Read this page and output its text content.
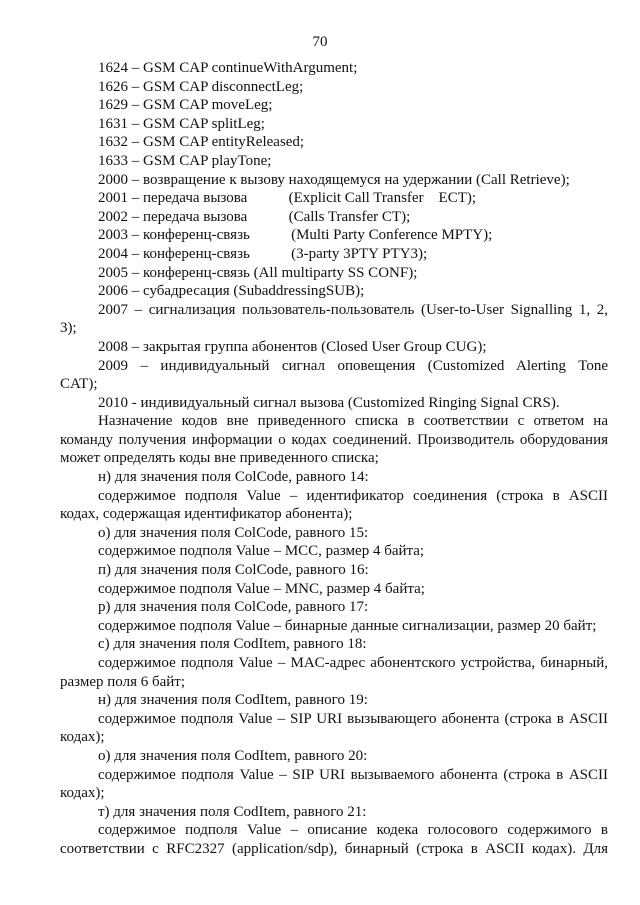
70
1624 – GSM CAP continueWithArgument;
1626 – GSM CAP disconnectLeg;
1629 – GSM CAP moveLeg;
1631 – GSM CAP splitLeg;
1632 – GSM CAP entityReleased;
1633 – GSM CAP playTone;
2000 – возвращение к вызову находящемуся на удержании (Call Retrieve);
2001 – передача вызова           (Explicit Call Transfer    ECT);
2002 – передача вызова           (Calls Transfer CT);
2003 – конференц-связь           (Multi Party Conference MPTY);
2004 – конференц-связь           (3-party 3PTY PTY3);
2005 – конференц-связь (All multiparty SS CONF);
2006 – субадресация (SubaddressingSUB);
2007 – сигнализация пользователь-пользователь (User-to-User Signalling 1, 2,
3);
2008 – закрытая группа абонентов (Closed User Group CUG);
2009 – индивидуальный сигнал оповещения (Customized Alerting Tone
CAT);
2010 - индивидуальный сигнал вызова (Customized Ringing Signal CRS).
Назначение кодов вне приведенного списка в соответствии с ответом на
команду получения информации о кодах соединений. Производитель оборудования
может определять коды вне приведенного списка;
н) для значения поля ColCode, равного 14:
содержимое подполя Value – идентификатор соединения (строка в ASCII
кодах, содержащая идентификатор абонента);
о) для значения поля ColCode, равного 15:
содержимое подполя Value – MCC, размер 4 байта;
п) для значения поля ColCode, равного 16:
содержимое подполя Value – MNC, размер 4 байта;
р) для значения поля ColCode, равного 17:
содержимое подполя Value – бинарные данные сигнализации, размер 20 байт;
с) для значения поля CodItem, равного 18:
содержимое подполя Value – MAC-адрес абонентского устройства, бинарный,
размер поля 6 байт;
н) для значения поля CodItem, равного 19:
содержимое подполя Value – SIP URI вызывающего абонента (строка в ASCII
кодах);
о) для значения поля CodItem, равного 20:
содержимое подполя Value – SIP URI вызываемого абонента (строка в ASCII
кодах);
т) для значения поля CodItem, равного 21:
содержимое подполя Value – описание кодека голосового содержимого в
соответствии с RFC2327 (application/sdp), бинарный (строка в ASCII кодах). Для
